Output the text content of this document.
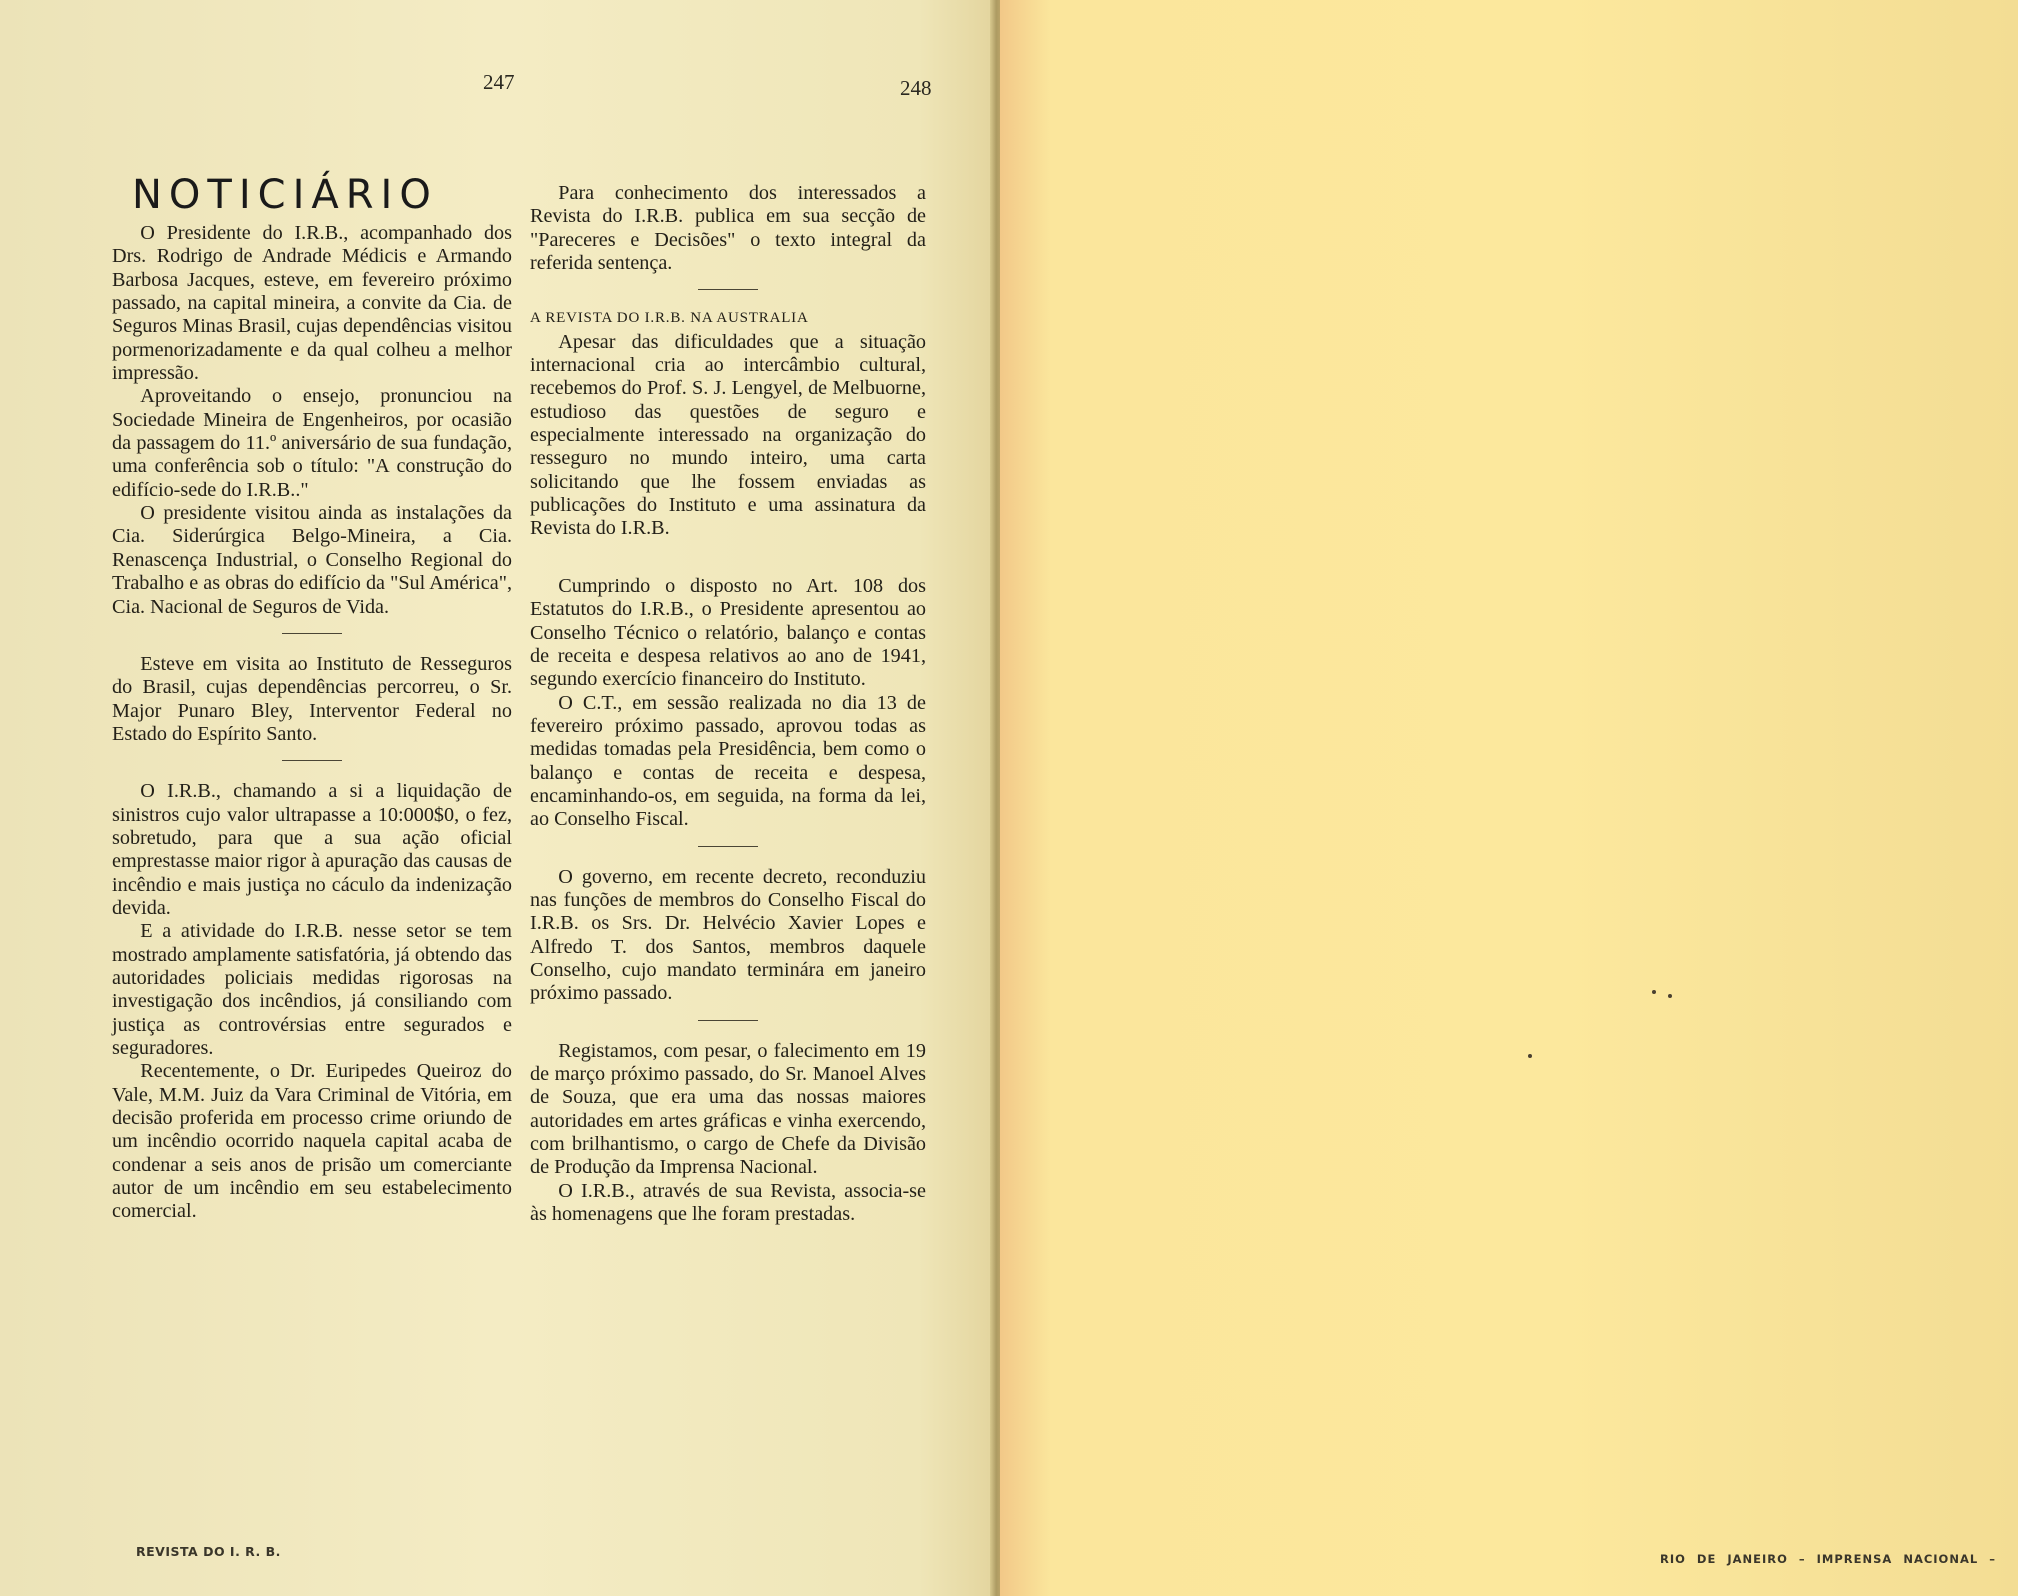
247	248
NOTICIÁRIO

O Presidente do I.R.B., acompanhado dos Drs. Rodrigo de Andrade Médicis e Armando Barbosa Jacques, esteve, em fevereiro próximo passado, na capital mineira, a convite da Cia. de Seguros Minas Brasil, cujas dependências visitou pormenorizadamente e da qual colheu a melhor impressão.

Aproveitando o ensejo, pronunciou na Sociedade Mineira de Engenheiros, por ocasião da passagem do 11.º aniversário de sua fundação, uma conferência sob o título: "A construção do edifício-sede do I.R.B.."

O presidente visitou ainda as instalações da Cia. Siderúrgica Belgo-Mineira, a Cia. Renascença Industrial, o Conselho Regional do Trabalho e as obras do edifício da "Sul América", Cia. Nacional de Seguros de Vida.

Esteve em visita ao Instituto de Resseguros do Brasil, cujas dependências percorreu, o Sr. Major Punaro Bley, Interventor Federal no Estado do Espírito Santo.

O I.R.B., chamando a si a liquidação de sinistros cujo valor ultrapasse a 10:000$0, o fez, sobretudo, para que a sua ação oficial emprestasse maior rigor à apuração das causas de incêndio e mais justiça no cáculo da indenização devida.

E a atividade do I.R.B. nesse setor se tem mostrado amplamente satisfatória, já obtendo das autoridades policiais medidas rigorosas na investigação dos incêndios, já consiliando com justiça as controvérsias entre segurados e seguradores.

Recentemente, o Dr. Euripedes Queiroz do Vale, M.M. Juiz da Vara Criminal de Vitória, em decisão proferida em processo crime oriundo de um incêndio ocorrido naquela capital acaba de condenar a seis anos de prisão um comerciante autor de um incêndio em seu estabelecimento comercial.

Para conhecimento dos interessados a Revista do I.R.B. publica em sua secção de "Pareceres e Decisões" o texto integral da referida sentença.

A REVISTA DO I.R.B. NA AUSTRALIA

Apesar das dificuldades que a situação internacional cria ao intercâmbio cultural, recebemos do Prof. S. J. Lengyel, de Melbuorne, estudioso das questões de seguro e especialmente interessado na organização do resseguro no mundo inteiro, uma carta solicitando que lhe fossem enviadas as publicações do Instituto e uma assinatura da Revista do I.R.B.

Cumprindo o disposto no Art. 108 dos Estatutos do I.R.B., o Presidente apresentou ao Conselho Técnico o relatório, balanço e contas de receita e despesa relativos ao ano de 1941, segundo exercício financeiro do Instituto.

O C.T., em sessão realizada no dia 13 de fevereiro próximo passado, aprovou todas as medidas tomadas pela Presidência, bem como o balanço e contas de receita e despesa, encaminhando-os, em seguida, na forma da lei, ao Conselho Fiscal.

O governo, em recente decreto, reconduziu nas funções de membros do Conselho Fiscal do I.R.B. os Srs. Dr. Helvécio Xavier Lopes e Alfredo T. dos Santos, membros daquele Conselho, cujo mandato terminára em janeiro próximo passado.

Registamos, com pesar, o falecimento em 19 de março próximo passado, do Sr. Manoel Alves de Souza, que era uma das nossas maiores autoridades em artes gráficas e vinha exercendo, com brilhantismo, o cargo de Chefe da Divisão de Produção da Imprensa Nacional.

O I.R.B., através de sua Revista, associa-se às homenagens que lhe foram prestadas.

REVISTA DO I. R. B.	RIO DE JANEIRO – IMPRENSA NACIONAL –
